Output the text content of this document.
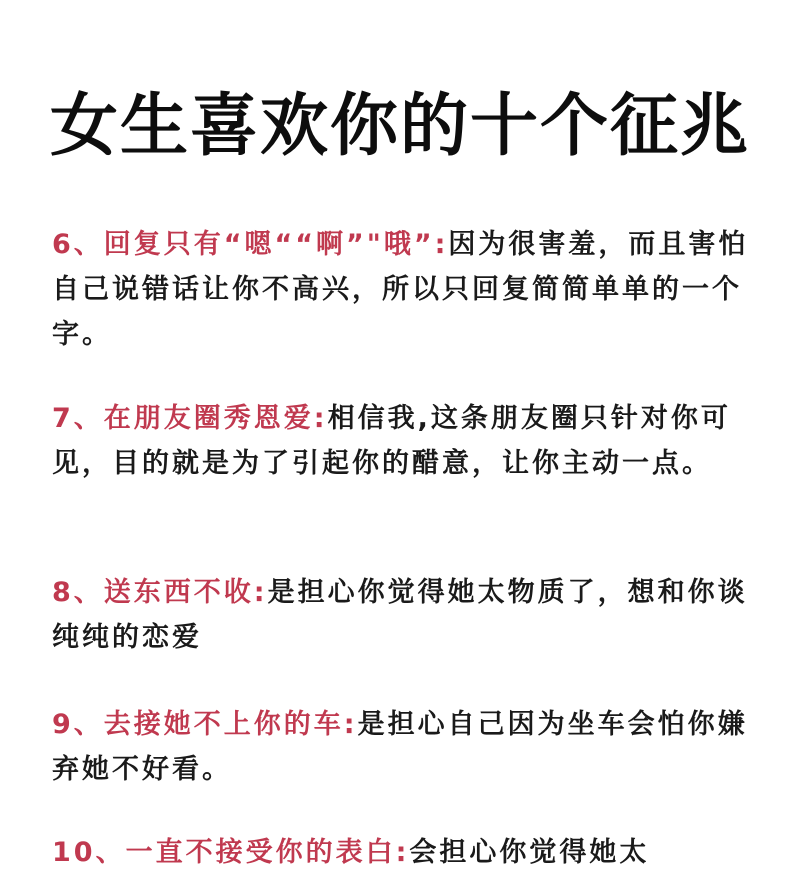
女生喜欢你的十个征兆
6、回复只有“嗯““啊”"哦”:因为很害羞，而且害怕自己说错话让你不高兴，所以只回复简简单单的一个字。
7、在朋友圈秀恩爱:相信我,这条朋友圈只针对你可见，目的就是为了引起你的醋意，让你主动一点。
8、送东西不收:是担心你觉得她太物质了，想和你谈纯纯的恋爱
9、去接她不上你的车:是担心自己因为坐车会怕你嫌弃她不好看。
10、一直不接受你的表白:会担心你觉得她太
